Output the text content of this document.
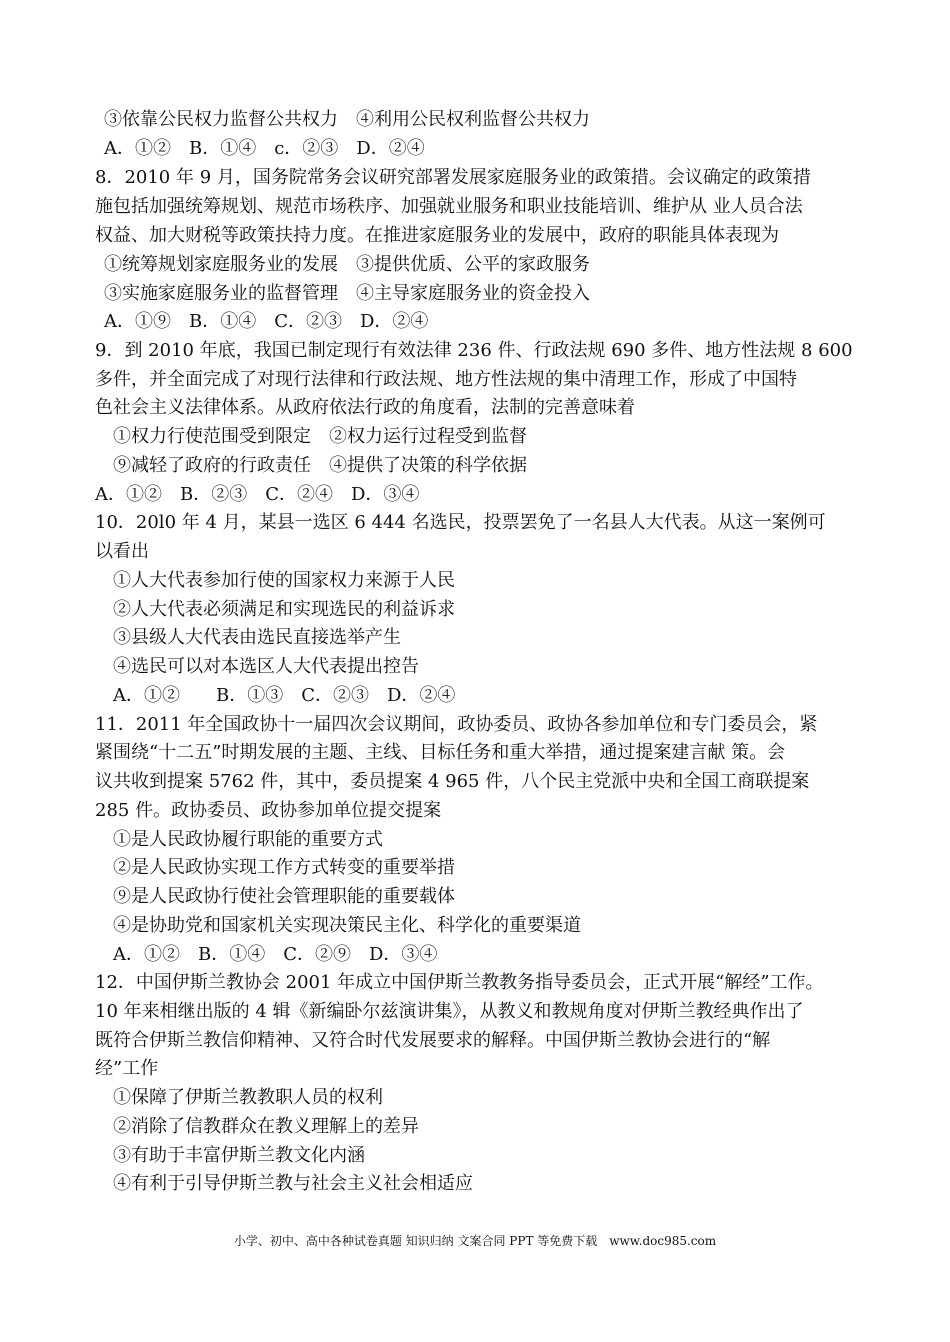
③依靠公民权力监督公共权力　④利用公民权利监督公共权力
A．①②　B．①④　c．②③　D．②④
8．2010 年 9 月，国务院常务会议研究部署发展家庭服务业的政策措。会议确定的政策措
施包括加强统筹规划、规范市场秩序、加强就业服务和职业技能培训、维护从 业人员合法
权益、加大财税等政策扶持力度。在推进家庭服务业的发展中，政府的职能具体表现为
①统筹规划家庭服务业的发展　③提供优质、公平的家政服务
③实施家庭服务业的监督管理　④主导家庭服务业的资金投入
A．①⑨　B．①④　C．②③　D．②④
9．到 2010 年底，我国已制定现行有效法律 236 件、行政法规 690 多件、地方性法规 8 600
多件，并全面完成了对现行法律和行政法规、地方性法规的集中清理工作，形成了中国特
色社会主义法律体系。从政府依法行政的角度看，法制的完善意味着
①权力行使范围受到限定　②权力运行过程受到监督
⑨减轻了政府的行政责任　④提供了决策的科学依据
A．①②　B．②③　C．②④　D．③④
10．20l0 年 4 月，某县一选区 6 444 名选民，投票罢免了一名县人大代表。从这一案例可
以看出
①人大代表参加行使的国家权力来源于人民
②人大代表必须满足和实现选民的利益诉求
③县级人大代表由选民直接选举产生
④选民可以对本选区人大代表提出控告
A．①②　　B．①③　C．②③　D．②④
11．2011 年全国政协十一届四次会议期间，政协委员、政协各参加单位和专门委员会，紧
紧围绕“十二五”时期发展的主题、主线、目标任务和重大举措，通过提案建言献 策。会
议共收到提案 5762 件，其中，委员提案 4 965 件，八个民主党派中央和全国工商联提案
285 件。政协委员、政协参加单位提交提案
①是人民政协履行职能的重要方式
②是人民政协实现工作方式转变的重要举措
⑨是人民政协行使社会管理职能的重要载体
④是协助党和国家机关实现决策民主化、科学化的重要渠道
A．①②　B．①④　C．②⑨　D．③④
12．中国伊斯兰教协会 2001 年成立中国伊斯兰教教务指导委员会，正式开展“解经”工作。
10 年来相继出版的 4 辑《新编卧尔兹演讲集》，从教义和教规角度对伊斯兰教经典作出了
既符合伊斯兰教信仰精神、又符合时代发展要求的解释。中国伊斯兰教协会进行的“解
经”工作
①保障了伊斯兰教教职人员的权利
②消除了信教群众在教义理解上的差异
③有助于丰富伊斯兰教文化内涵
④有利于引导伊斯兰教与社会主义社会相适应
小学、初中、高中各种试卷真题 知识归纳 文案合同 PPT 等免费下载　www.doc985.com
